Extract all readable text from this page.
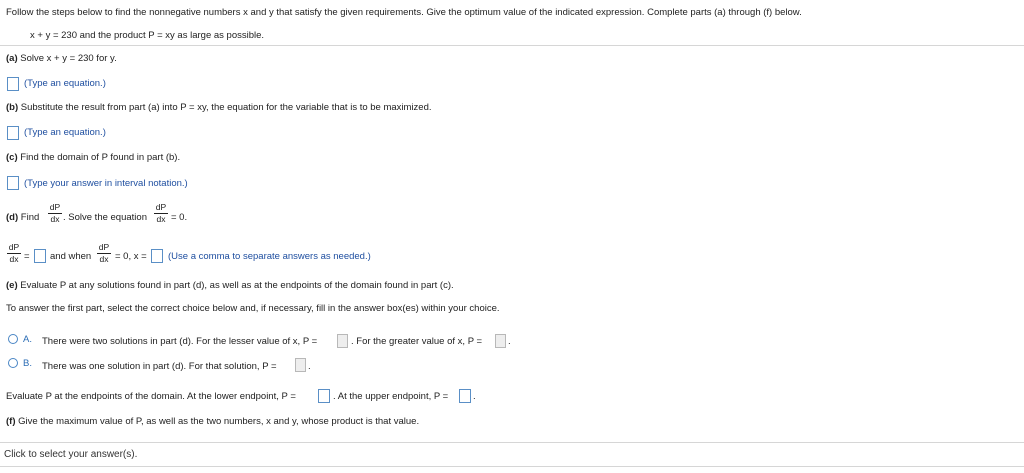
Follow the steps below to find the nonnegative numbers x and y that satisfy the given requirements. Give the optimum value of the indicated expression. Complete parts (a) through (f) below.
x + y = 230 and the product P = xy as large as possible.
(a) Solve x + y = 230 for y.
(Type an equation.)
(b) Substitute the result from part (a) into P = xy, the equation for the variable that is to be maximized.
(Type an equation.)
(c) Find the domain of P found in part (b).
(Type your answer in interval notation.)
(d) Find
dP
dx . Solve the equation
dP
dx = 0.
dP
dx = and when
dP
dx = 0, x = (Use a comma to separate answers as needed.)
(e) Evaluate P at any solutions found in part (d), as well as at the endpoints of the domain found in part (c).
To answer the first part, select the correct choice below and, if necessary, fill in the answer box(es) within your choice.
A. There were two solutions in part (d). For the lesser value of x, P =	. For the greater value of x, P =	.
B. There was one solution in part (d). For that solution, P =	.
Evaluate P at the endpoints of the domain. At the lower endpoint, P =	. At the upper endpoint, P =	.
(f) Give the maximum value of P, as well as the two numbers, x and y, whose product is that value.
Click to select your answer(s).
